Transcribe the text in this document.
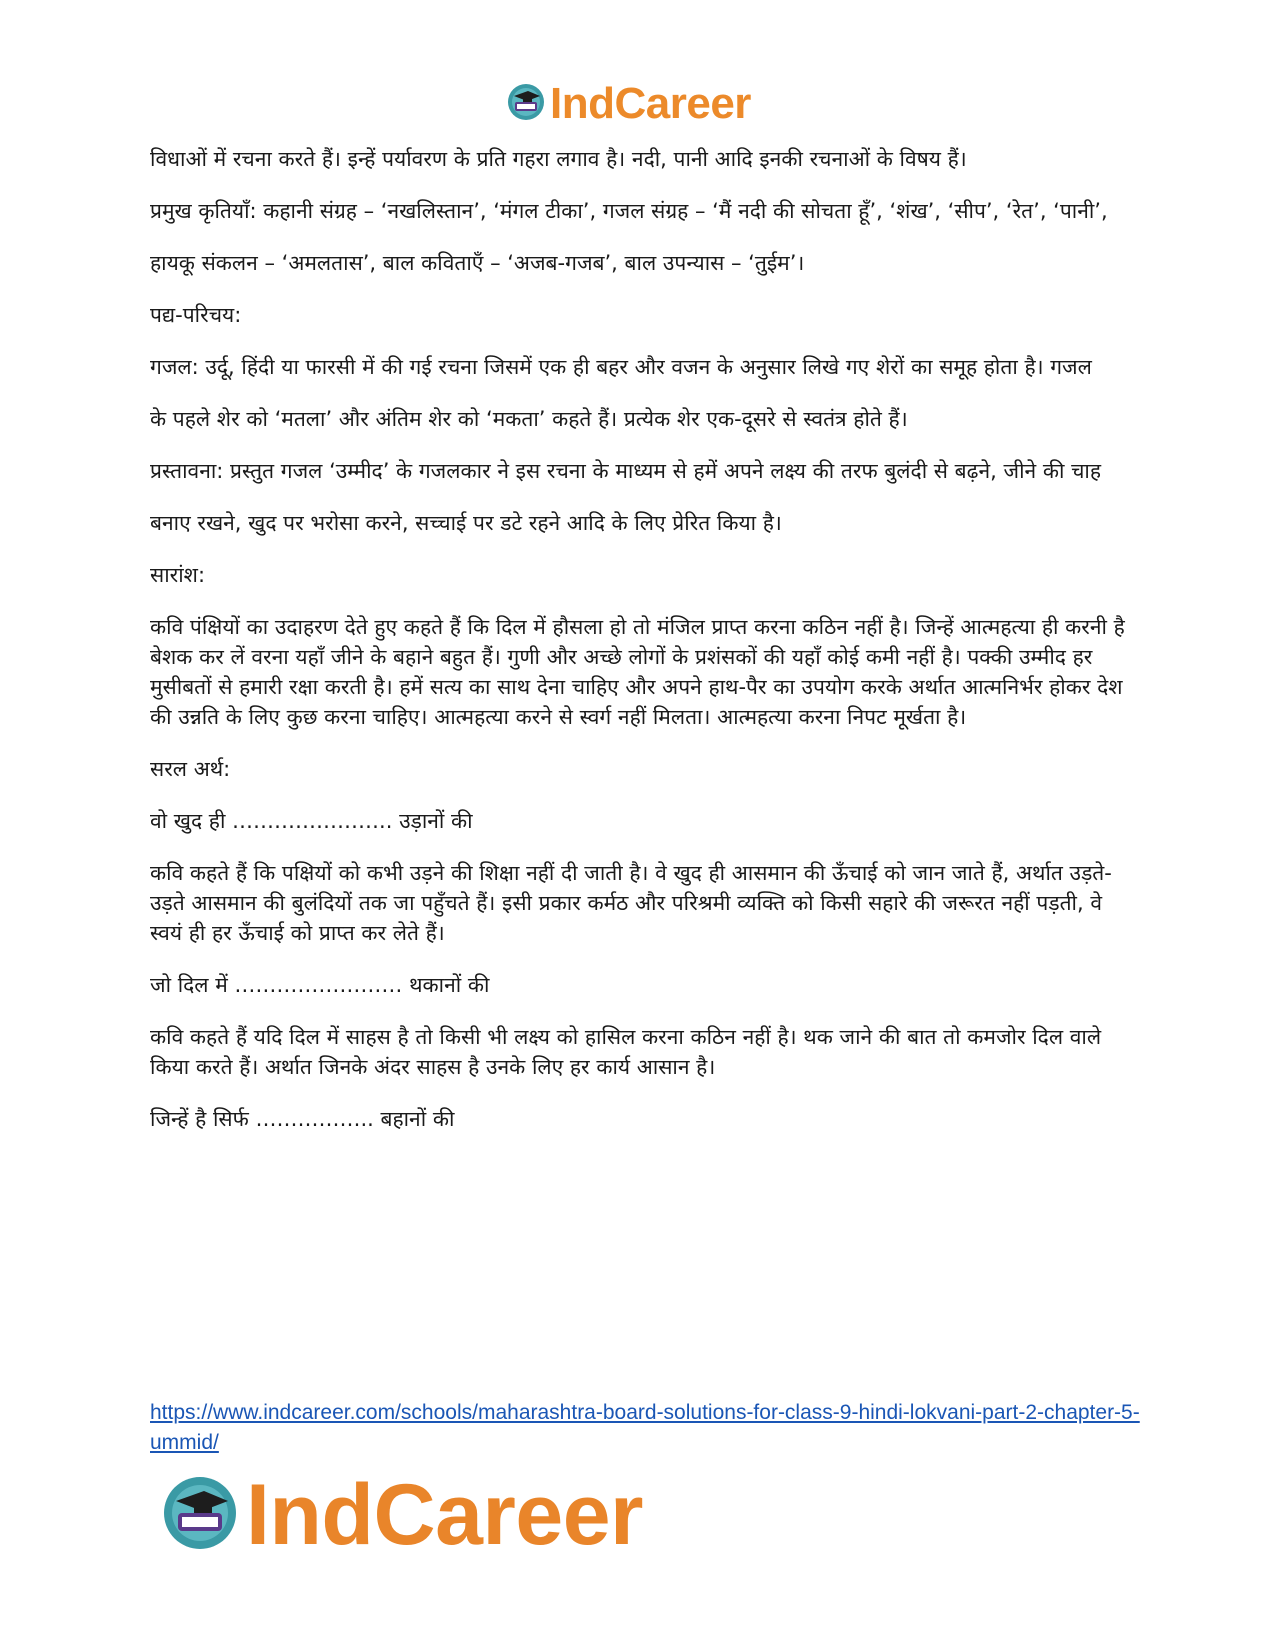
IndCareer

विधाओं में रचना करते हैं। इन्हें पर्यावरण के प्रति गहरा लगाव है। नदी, पानी आदि इनकी रचनाओं के विषय हैं।

प्रमुख कृतियाँ: कहानी संग्रह – ‘नखलिस्तान’, ‘मंगल टीका’, गजल संग्रह – ‘मैं नदी की सोचता हूँ’, ‘शंख’, ‘सीप’, ‘रेत’, ‘पानी’,

हायकू संकलन – ‘अमलतास’, बाल कविताएँ – ‘अजब-गजब’, बाल उपन्यास – ‘तुईम’।

पद्य-परिचय:

गजल: उर्दू, हिंदी या फारसी में की गई रचना जिसमें एक ही बहर और वजन के अनुसार लिखे गए शेरों का समूह होता है। गजल

के पहले शेर को ‘मतला’ और अंतिम शेर को ‘मकता’ कहते हैं। प्रत्येक शेर एक-दूसरे से स्वतंत्र होते हैं।

प्रस्तावना: प्रस्तुत गजल ‘उम्मीद’ के गजलकार ने इस रचना के माध्यम से हमें अपने लक्ष्य की तरफ बुलंदी से बढ़ने, जीने की चाह

बनाए रखने, खुद पर भरोसा करने, सच्चाई पर डटे रहने आदि के लिए प्रेरित किया है।

सारांश:

कवि पंक्षियों का उदाहरण देते हुए कहते हैं कि दिल में हौसला हो तो मंजिल प्राप्त करना कठिन नहीं है। जिन्हें आत्महत्या ही करनी है बेशक कर लें वरना यहाँ जीने के बहाने बहुत हैं। गुणी और अच्छे लोगों के प्रशंसकों की यहाँ कोई कमी नहीं है। पक्की उम्मीद हर मुसीबतों से हमारी रक्षा करती है। हमें सत्य का साथ देना चाहिए और अपने हाथ-पैर का उपयोग करके अर्थात आत्मनिर्भर होकर देश की उन्नति के लिए कुछ करना चाहिए। आत्महत्या करने से स्वर्ग नहीं मिलता। आत्महत्या करना निपट मूर्खता है।

सरल अर्थ:

वो खुद ही ………………….. उड़ानों की

कवि कहते हैं कि पक्षियों को कभी उड़ने की शिक्षा नहीं दी जाती है। वे खुद ही आसमान की ऊँचाई को जान जाते हैं, अर्थात उड़ते-उड़ते आसमान की बुलंदियों तक जा पहुँचते हैं। इसी प्रकार कर्मठ और परिश्रमी व्यक्ति को किसी सहारे की जरूरत नहीं पड़ती, वे स्वयं ही हर ऊँचाई को प्राप्त कर लेते हैं।

जो दिल में …………………… थकानों की

कवि कहते हैं यदि दिल में साहस है तो किसी भी लक्ष्य को हासिल करना कठिन नहीं है। थक जाने की बात तो कमजोर दिल वाले किया करते हैं। अर्थात जिनके अंदर साहस है उनके लिए हर कार्य आसान है।

जिन्हें है सिर्फ …………….. बहानों की

https://www.indcareer.com/schools/maharashtra-board-solutions-for-class-9-hindi-lokvani-part-2-chapter-5-ummid/
IndCareer
